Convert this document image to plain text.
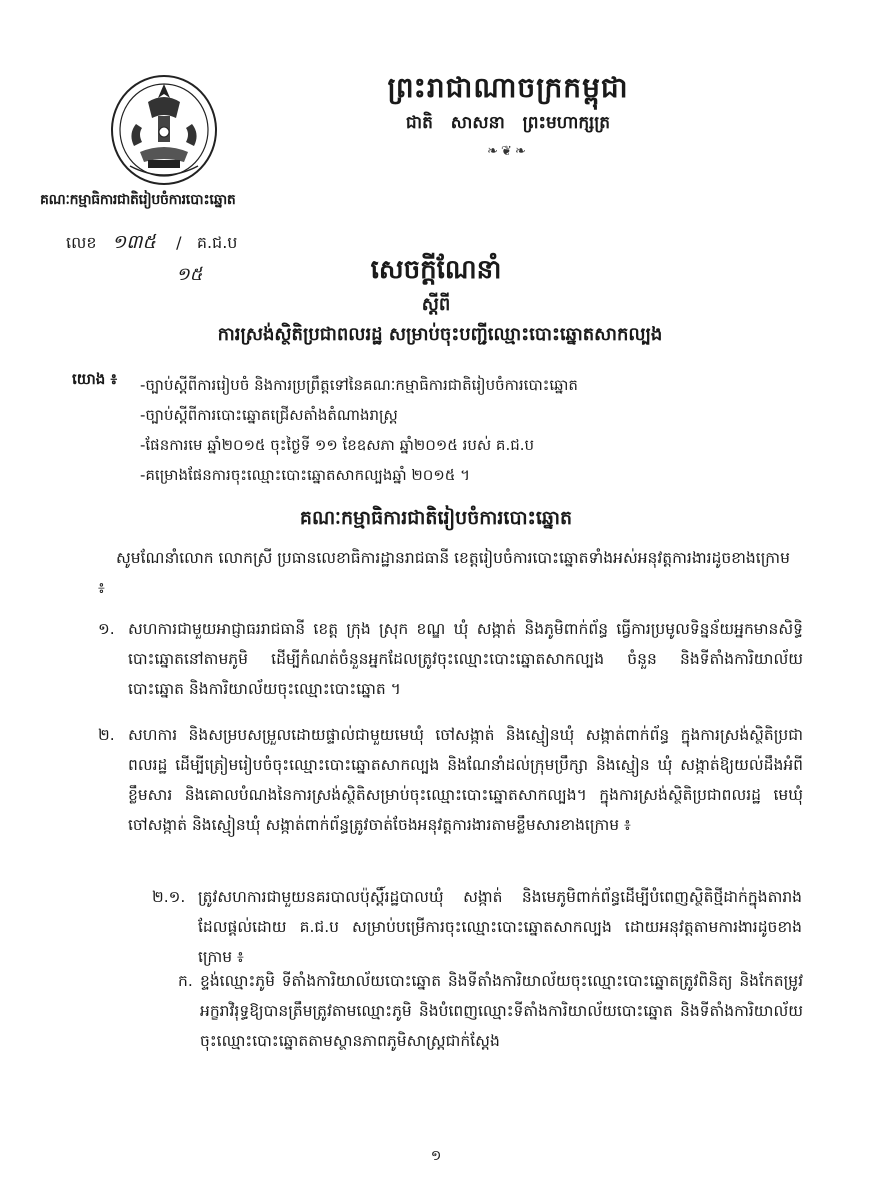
គណៈកម្មាធិការជាតិរៀបចំការបោះឆ្នោត
លេខ ១៣៥    /   គ.ជ.ប
១៥
ព្រះរាជាណាចក្រកម្ពុជា
ជាតិ សាសនា ព្រះមហាក្សត្រ
❧❦❧
សេចក្ដីណែនាំ
ស្ដីពី
ការស្រង់ស្ថិតិប្រជាពលរដ្ឋ សម្រាប់ចុះបញ្ជីឈ្មោះបោះឆ្នោតសាកល្បង
យោង ៖ -ច្បាប់ស្ដីពីការរៀបចំ និងការប្រព្រឹត្តទៅនៃគណៈកម្មាធិការជាតិរៀបចំការបោះឆ្នោត
-ច្បាប់ស្ដីពីការបោះឆ្នោតជ្រើសតាំងតំណាងរាស្ត្រ
-ផែនការមេ ឆ្នាំ២០១៥ ចុះថ្ងៃទី ១១ ខែឧសភា ឆ្នាំ២០១៥ របស់ គ.ជ.ប
-គម្រោងផែនការចុះឈ្មោះបោះឆ្នោតសាកល្បងឆ្នាំ ២០១៥ ។
គណៈកម្មាធិការជាតិរៀបចំការបោះឆ្នោត
សូមណែនាំលោក លោកស្រី ប្រធានលេខាធិការដ្ឋានរាជធានី ខេត្តរៀបចំការបោះឆ្នោតទាំងអស់អនុវត្តការងារដូចខាងក្រោម ៖
១. សហការជាមួយអាជ្ញាធររាជធានី ខេត្ត ក្រុង ស្រុក ខណ្ឌ ឃុំ សង្កាត់ និងភូមិពាក់ព័ន្ធ ធ្វើការប្រមូលទិន្នន័យអ្នកមានសិទ្ធិបោះឆ្នោតនៅតាមភូមិ ដើម្បីកំណត់ចំនួនអ្នកដែលត្រូវចុះឈ្មោះបោះឆ្នោតសាកល្បង ចំនួន និងទីតាំងការិយាល័យបោះឆ្នោត និងការិយាល័យចុះឈ្មោះបោះឆ្នោត ។
២. សហការ និងសម្របសម្រួលដោយផ្ទាល់ជាមួយមេឃុំ ចៅសង្កាត់ និងស្មៀនឃុំ សង្កាត់ពាក់ព័ន្ធ ក្នុងការស្រង់ស្ថិតិប្រជាពលរដ្ឋ ដើម្បីត្រៀមរៀបចំចុះឈ្មោះបោះឆ្នោតសាកល្បង និងណែនាំដល់ក្រុមប្រឹក្សា និងស្មៀន ឃុំ សង្កាត់ឱ្យយល់ដឹងអំពីខ្លឹមសារ និងគោលបំណងនៃការស្រង់ស្ថិតិសម្រាប់ចុះឈ្មោះបោះឆ្នោតសាកល្បង។ ក្នុងការស្រង់ស្ថិតិប្រជាពលរដ្ឋ មេឃុំ ចៅសង្កាត់ និងស្មៀនឃុំ សង្កាត់ពាក់ព័ន្ធត្រូវចាត់ចែងអនុវត្តការងារតាមខ្លឹមសារខាងក្រោម ៖
២.១. ត្រូវសហការជាមួយនគរបាលប៉ុស្តិ៍រដ្ឋបាលឃុំ សង្កាត់ និងមេភូមិពាក់ព័ន្ធដើម្បីបំពេញស្ថិតិថ្មីដាក់ក្នុងតារាងដែលផ្ដល់ដោយ គ.ជ.ប សម្រាប់បម្រើការចុះឈ្មោះបោះឆ្នោតសាកល្បង ដោយអនុវត្តតាមការងារដូចខាងក្រោម ៖
ក. ខ្ទង់ឈ្មោះភូមិ ទីតាំងការិយាល័យបោះឆ្នោត និងទីតាំងការិយាល័យចុះឈ្មោះបោះឆ្នោតត្រូវពិនិត្យ និងកែតម្រូវអក្ខរាវិរុទ្ធឱ្យបានត្រឹមត្រូវតាមឈ្មោះភូមិ និងបំពេញឈ្មោះទីតាំងការិយាល័យបោះឆ្នោត និងទីតាំងការិយាល័យចុះឈ្មោះបោះឆ្នោតតាមស្ថានភាពភូមិសាស្ត្រជាក់ស្ដែង
១
